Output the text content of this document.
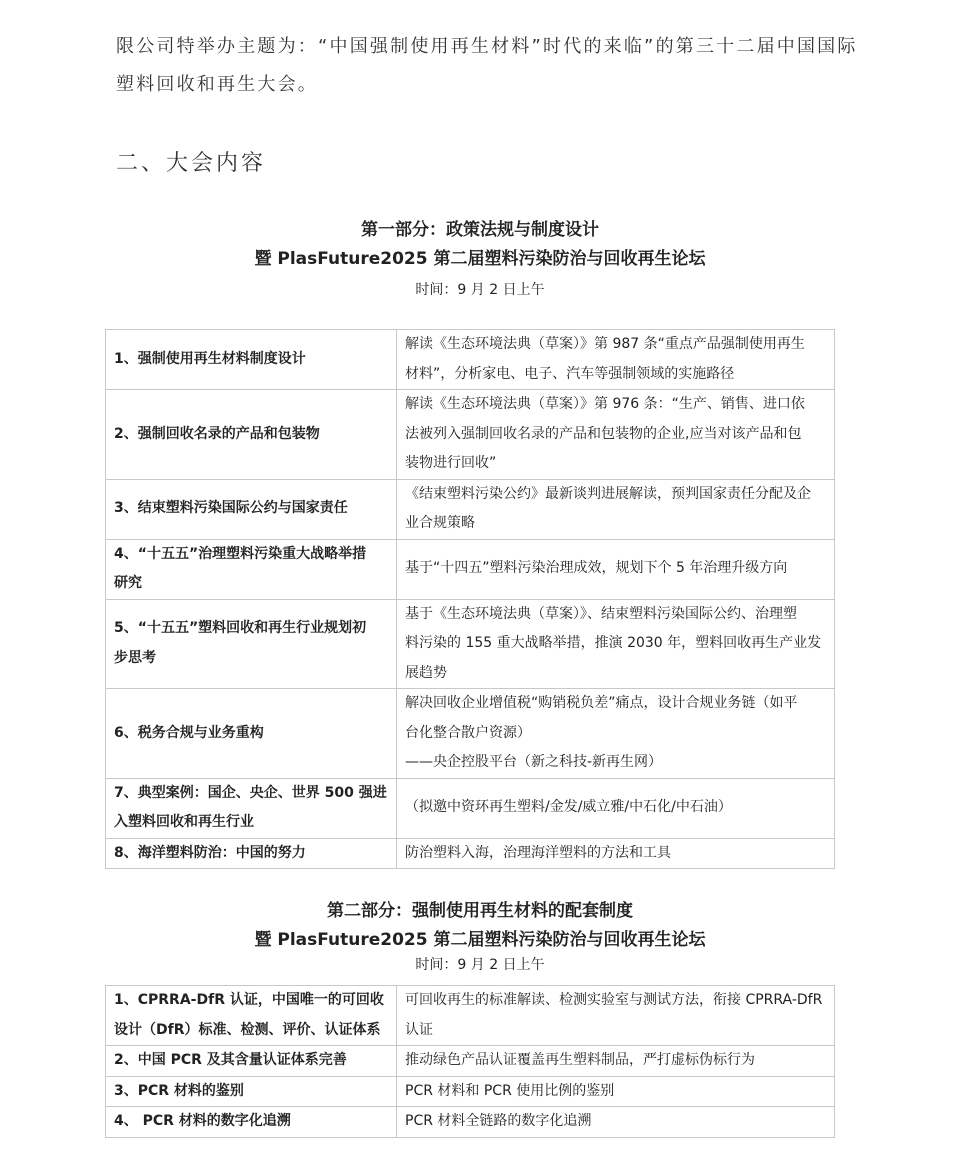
限公司特举办主题为：“中国强制使用再生材料”时代的来临”的第三十二届中国国际
塑料回收和再生大会。
二、大会内容
第一部分：政策法规与制度设计
暨 PlasFuture2025 第二届塑料污染防治与回收再生论坛
时间：9 月 2 日上午
1、强制使用再生材料制度设计	解读《生态环境法典（草案）》第 987 条“重点产品强制使用再生
材料”，分析家电、电子、汽车等强制领域的实施路径

2、强制回收名录的产品和包装物	解读《生态环境法典（草案）》第 976 条：“生产、销售、进口依
法被列入强制回收名录的产品和包装物的企业,应当对该产品和包
装物进行回收”

3、结束塑料污染国际公约与国家责任	《结束塑料污染公约》最新谈判进展解读，预判国家责任分配及企
业合规策略

4、“十五五”治理塑料污染重大战略举措
研究	基于“十四五”塑料污染治理成效，规划下个 5 年治理升级方向

5、“十五五”塑料回收和再生行业规划初
步思考	基于《生态环境法典（草案）》、结束塑料污染国际公约、治理塑
料污染的 155 重大战略举措，推演 2030 年，塑料回收再生产业发
展趋势

6、税务合规与业务重构	解决回收企业增值税“购销税负差”痛点，设计合规业务链（如平
台化整合散户资源）
——央企控股平台（新之科技-新再生网）

7、典型案例：国企、央企、世界 500 强进
入塑料回收和再生行业	（拟邀中资环再生塑料/金发/威立雅/中石化/中石油）

8、海洋塑料防治：中国的努力	防治塑料入海，治理海洋塑料的方法和工具
第二部分：强制使用再生材料的配套制度
暨 PlasFuture2025 第二届塑料污染防治与回收再生论坛
时间：9 月 2 日上午
1、CPRRA-DfR 认证，中国唯一的可回收
设计（DfR）标准、检测、评价、认证体系	可回收再生的标准解读、检测实验室与测试方法，衔接 CPRRA-DfR
认证

2、中国 PCR 及其含量认证体系完善	推动绿色产品认证覆盖再生塑料制品，严打虚标伪标行为

3、PCR 材料的鉴别	PCR 材料和 PCR 使用比例的鉴别

4、 PCR 材料的数字化追溯	PCR 材料全链路的数字化追溯
